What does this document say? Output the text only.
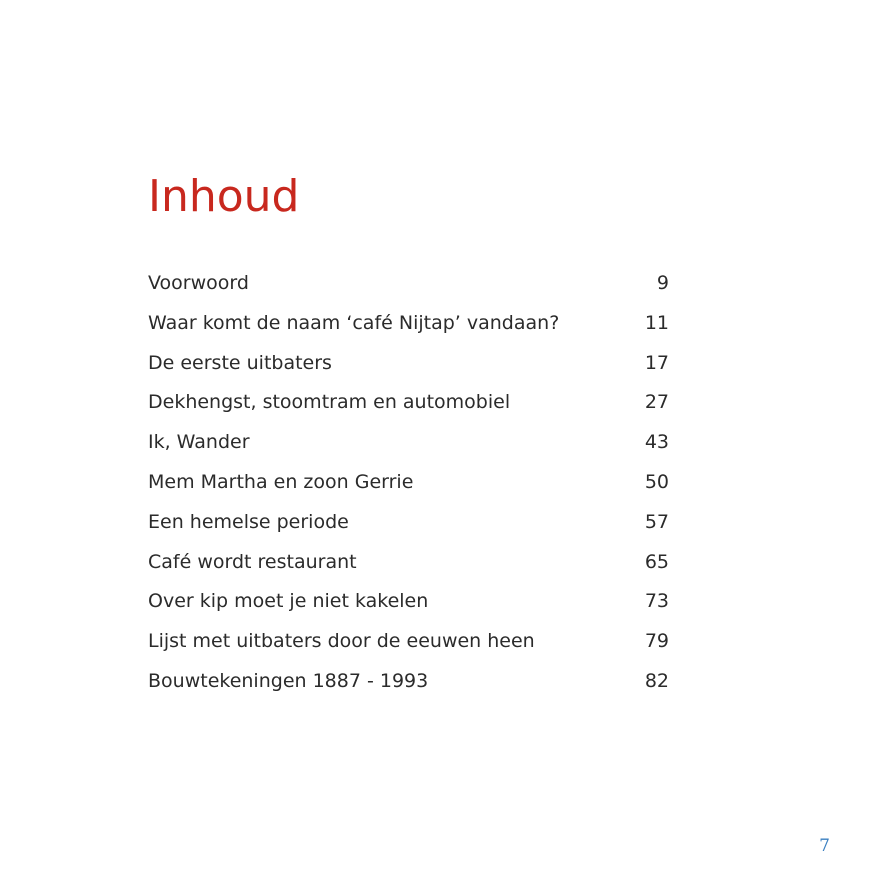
Inhoud
Voorwoord	9
Waar komt de naam ‘café Nijtap’ vandaan?	11
De eerste uitbaters	17
Dekhengst, stoomtram en automobiel	27
Ik, Wander	43
Mem Martha en zoon Gerrie	50
Een hemelse periode	57
Café wordt restaurant	65
Over kip moet je niet kakelen	73
Lijst met uitbaters door de eeuwen heen	79
Bouwtekeningen 1887 - 1993	82
7
